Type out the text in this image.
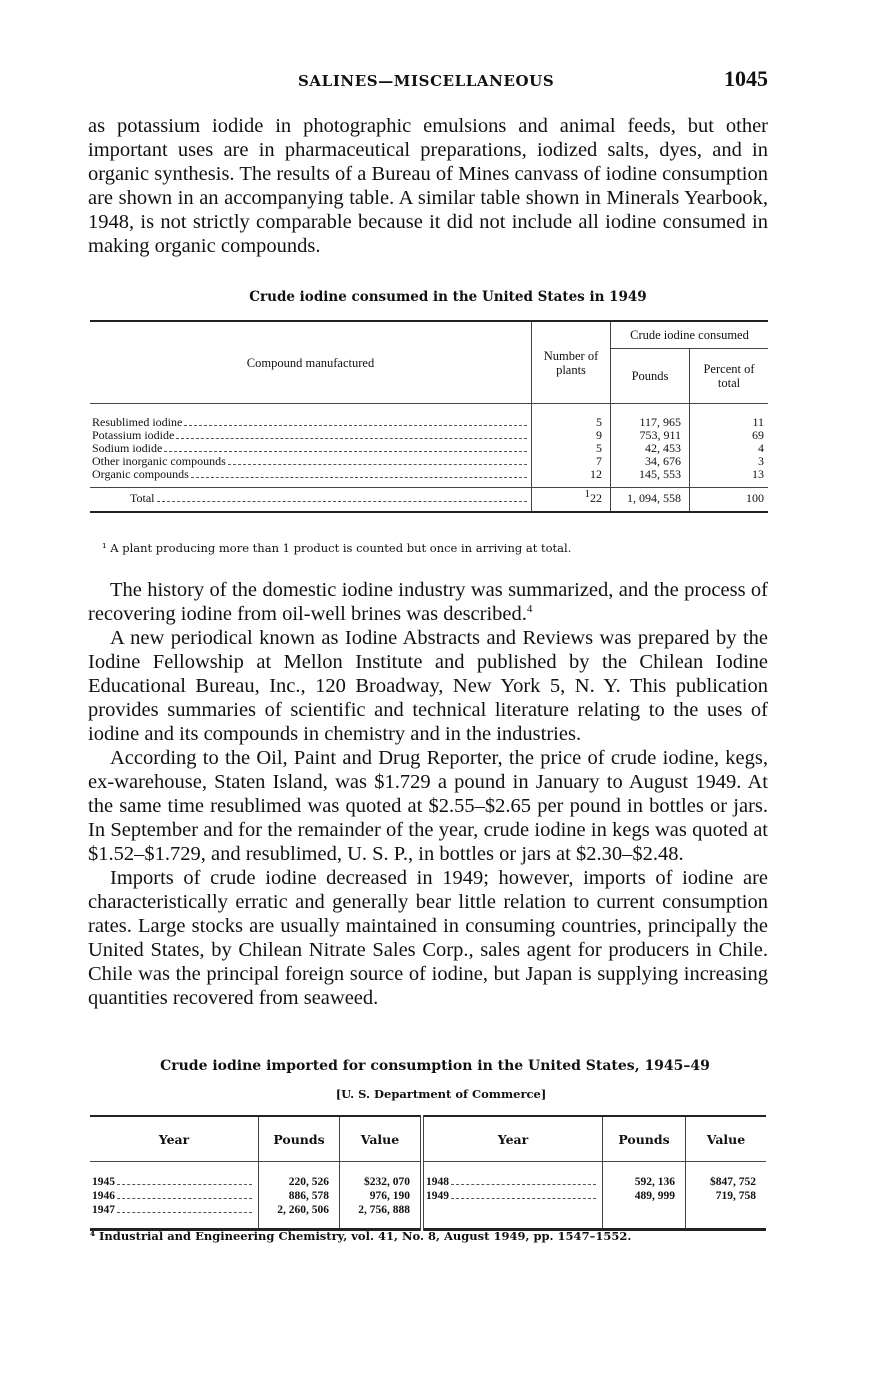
SALINES—MISCELLANEOUS	1045

as potassium iodide in photographic emulsions and animal feeds, but other important uses are in pharmaceutical preparations, iodized salts, dyes, and in organic synthesis. The results of a Bureau of Mines canvass of iodine consumption are shown in an accompanying table. A similar table shown in Minerals Yearbook, 1948, is not strictly comparable because it did not include all iodine consumed in making organic compounds.

Crude iodine consumed in the United States in 1949
Compound manufactured	Number of plants	Crude iodine consumed	
		Pounds	Percent of total

Resublimed iodine	5	117, 965	11

Potassium iodide	9	753, 911	69

Sodium iodide	5	42, 453	4

Other inorganic compounds	7	34, 676	3

Organic compounds	12	145, 553	13

Total	$^1$22	1, 094, 558	100
¹ A plant producing more than 1 product is counted but once in arriving at total.

The history of the domestic iodine industry was summarized, and the process of recovering iodine from oil-well brines was described.$^4$

A new periodical known as Iodine Abstracts and Reviews was prepared by the Iodine Fellowship at Mellon Institute and published by the Chilean Iodine Educational Bureau, Inc., 120 Broadway, New York 5, N. Y. This publication provides summaries of scientific and technical literature relating to the uses of iodine and its compounds in chemistry and in the industries.

According to the Oil, Paint and Drug Reporter, the price of crude iodine, kegs, ex-warehouse, Staten Island, was $1.729 a pound in January to August 1949. At the same time resublimed was quoted at $2.55–$2.65 per pound in bottles or jars. In September and for the remainder of the year, crude iodine in kegs was quoted at $1.52–$1.729, and resublimed, U. S. P., in bottles or jars at $2.30–$2.48.

Imports of crude iodine decreased in 1949; however, imports of iodine are characteristically erratic and generally bear little relation to current consumption rates. Large stocks are usually maintained in consuming countries, principally the United States, by Chilean Nitrate Sales Corp., sales agent for producers in Chile. Chile was the principal foreign source of iodine, but Japan is supplying increasing quantities recovered from seaweed.

Crude iodine imported for consumption in the United States, 1945–49
[U. S. Department of Commerce]
Year	Pounds	Value	Year	Pounds	Value

1945	220, 526	$232, 070	1948	592, 136	$847, 752

1946	886, 578	976, 190	1949	489, 999	719, 758

1947	2, 260, 506	2, 756, 888			
⁴ Industrial and Engineering Chemistry, vol. 41, No. 8, August 1949, pp. 1547–1552.
